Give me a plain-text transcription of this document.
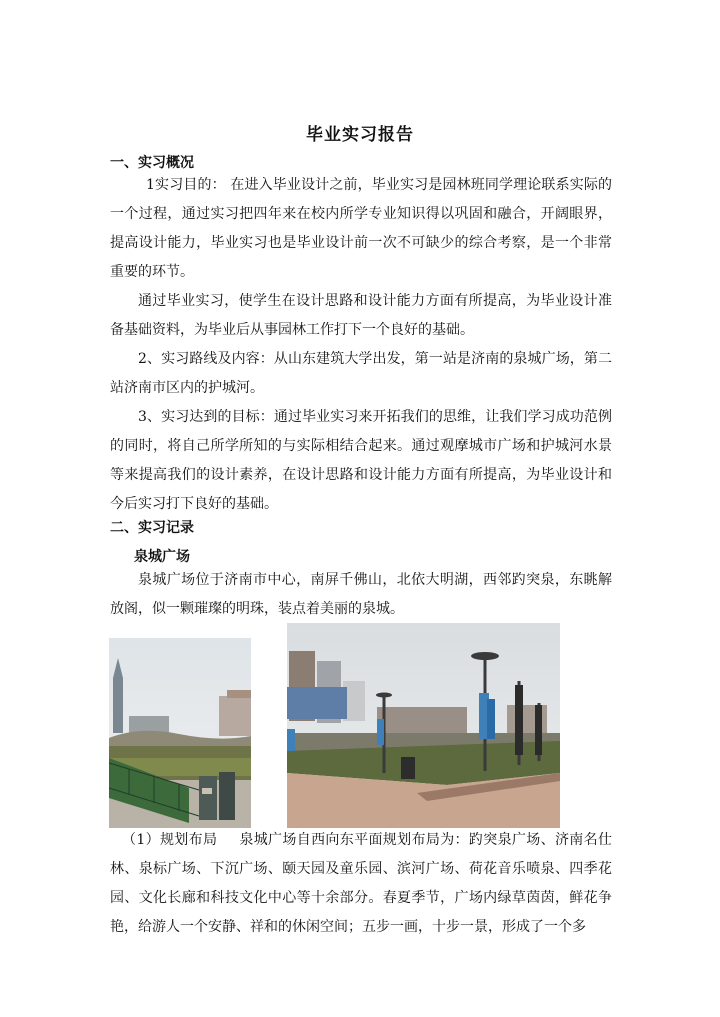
毕业实习报告
一、实习概况

1实习目的： 在进入毕业设计之前，毕业实习是园林班同学理论联系实际的一个过程，通过实习把四年来在校内所学专业知识得以巩固和融合，开阔眼界，提高设计能力，毕业实习也是毕业设计前一次不可缺少的综合考察，是一个非常重要的环节。

通过毕业实习，使学生在设计思路和设计能力方面有所提高，为毕业设计准备基础资料，为毕业后从事园林工作打下一个良好的基础。

2、实习路线及内容：从山东建筑大学出发，第一站是济南的泉城广场，第二站济南市区内的护城河。

3、实习达到的目标：通过毕业实习来开拓我们的思维，让我们学习成功范例的同时，将自己所学所知的与实际相结合起来。通过观摩城市广场和护城河水景等来提高我们的设计素养，在设计思路和设计能力方面有所提高，为毕业设计和今后实习打下良好的基础。

二、实习记录
泉城广场

泉城广场位于济南市中心，南屏千佛山，北依大明湖，西邻趵突泉，东眺解放阁，似一颗璀璨的明珠，装点着美丽的泉城。

（1）规划布局 泉城广场自西向东平面规划布局为：趵突泉广场、济南名仕林、泉标广场、下沉广场、颐天园及童乐园、滨河广场、荷花音乐喷泉、四季花园、文化长廊和科技文化中心等十余部分。春夏季节，广场内绿草茵茵，鲜花争艳，给游人一个安静、祥和的休闲空间；五步一画，十步一景，形成了一个多
